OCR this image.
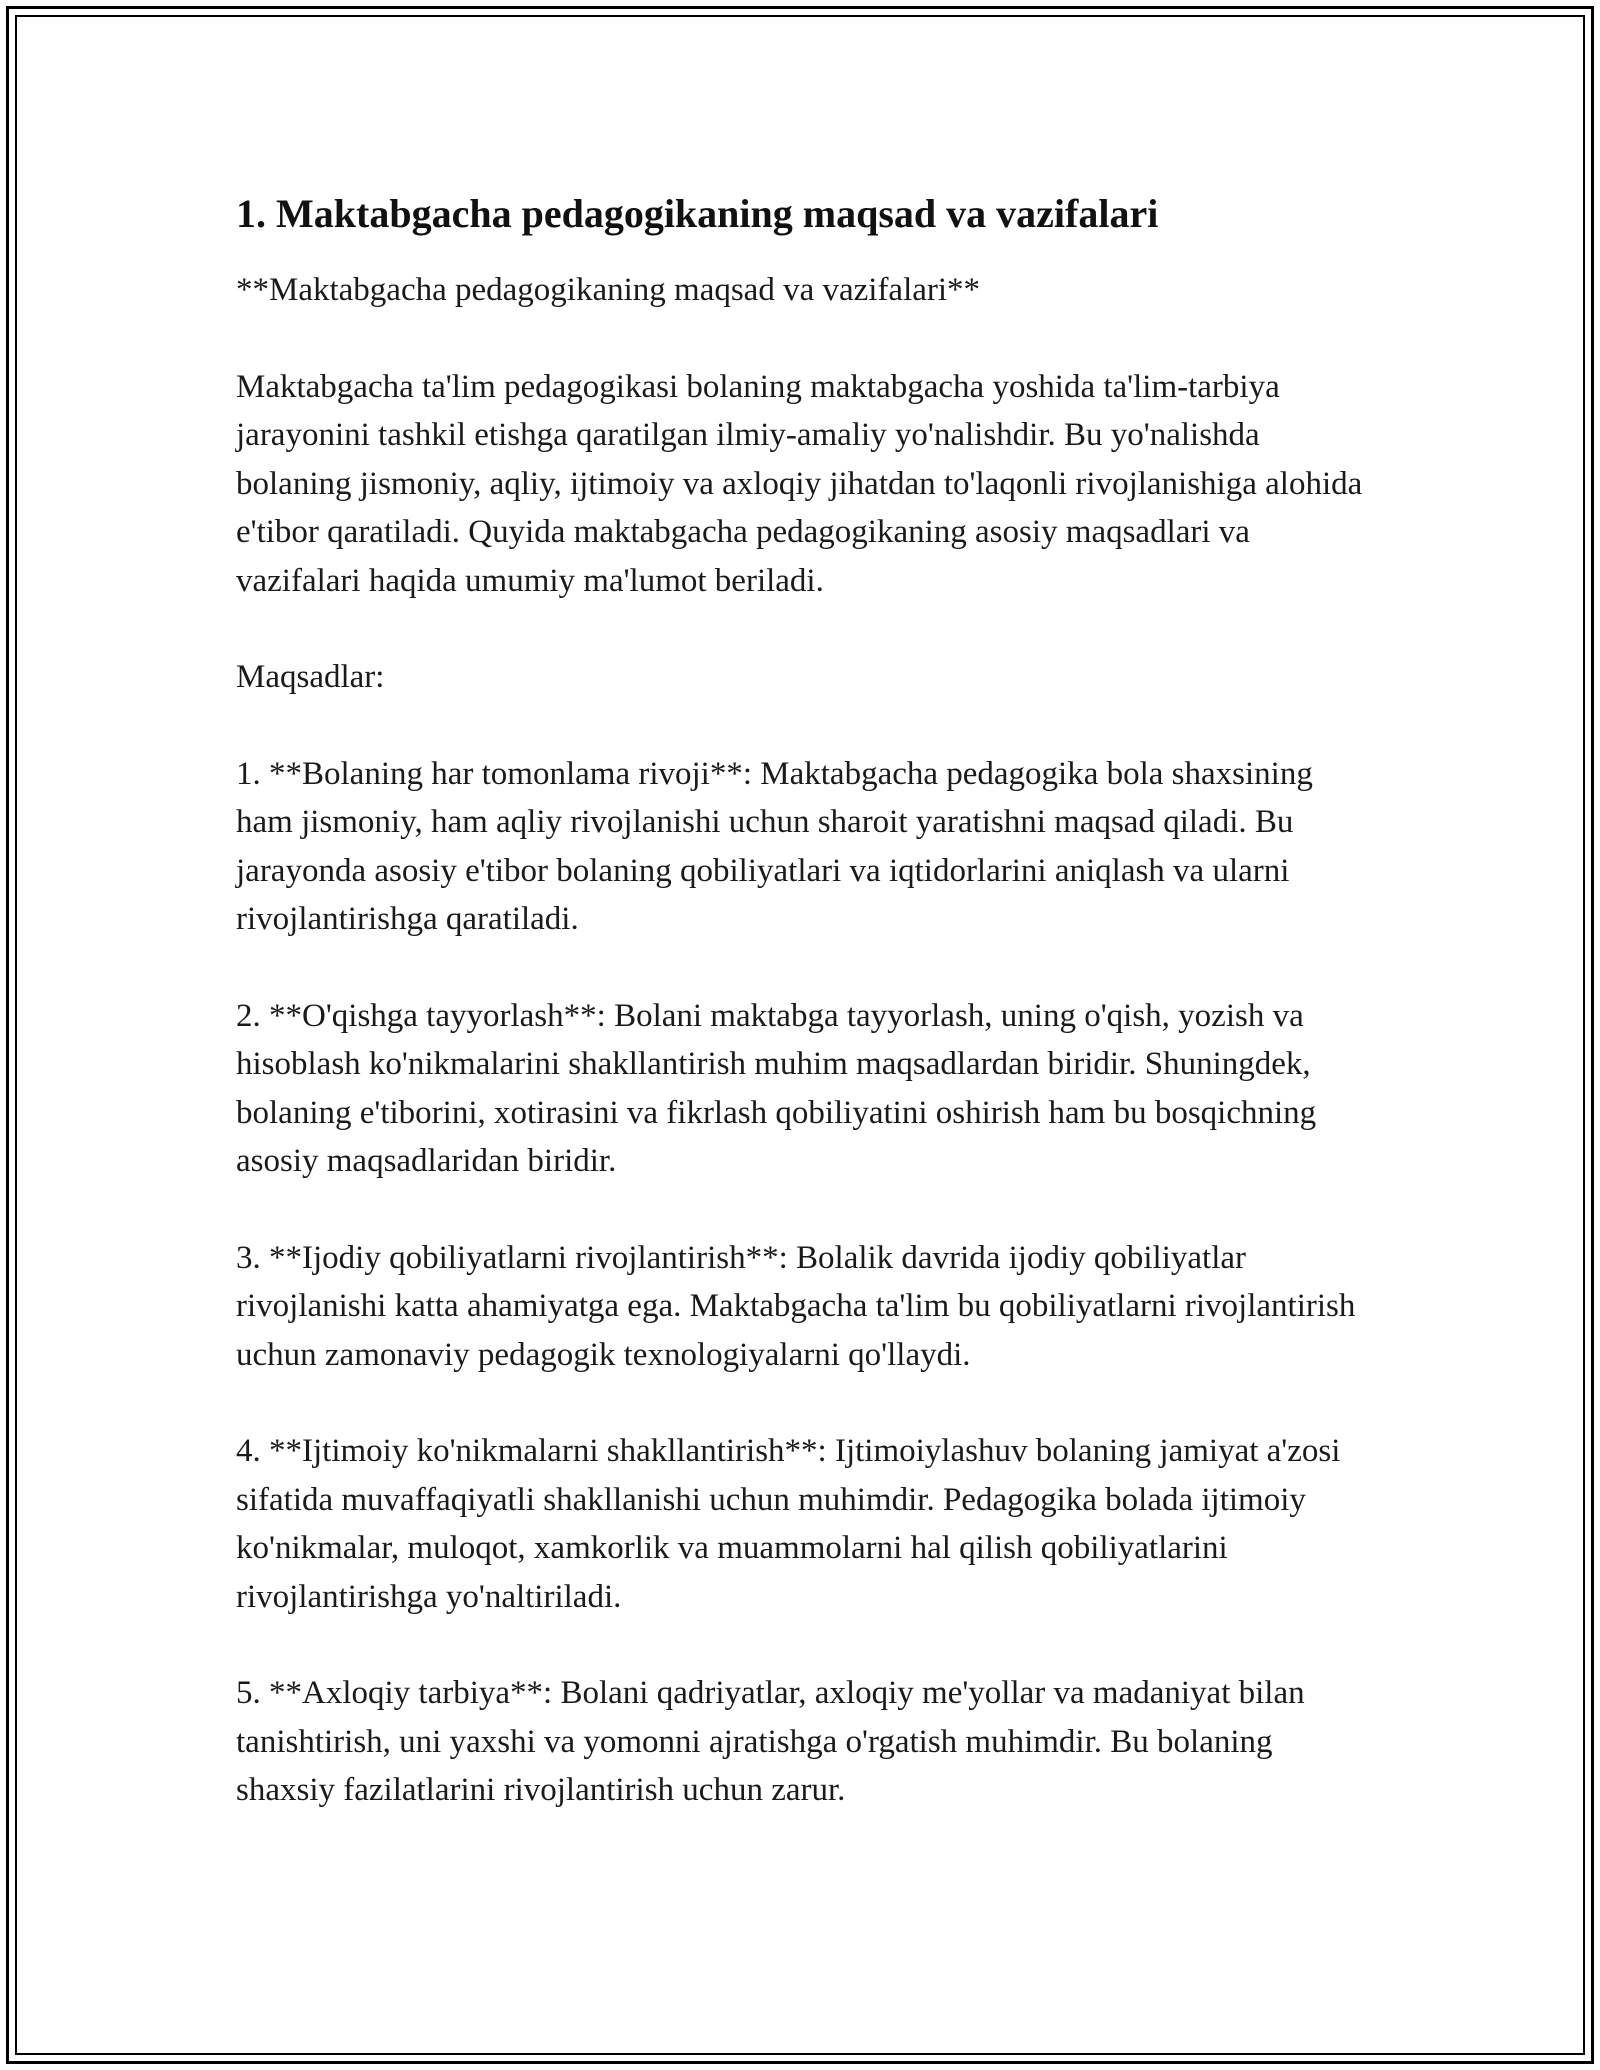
1. Maktabgacha pedagogikaning maqsad va vazifalari

**Maktabgacha pedagogikaning maqsad va vazifalari**

Maktabgacha ta'lim pedagogikasi bolaning maktabgacha yoshida ta'lim-tarbiya jarayonini tashkil etishga qaratilgan ilmiy-amaliy yo'nalishdir. Bu yo'nalishda bolaning jismoniy, aqliy, ijtimoiy va axloqiy jihatdan to'laqonli rivojlanishiga alohida e'tibor qaratiladi. Quyida maktabgacha pedagogikaning asosiy maqsadlari va vazifalari haqida umumiy ma'lumot beriladi.

Maqsadlar:

1. **Bolaning har tomonlama rivoji**: Maktabgacha pedagogika bola shaxsining ham jismoniy, ham aqliy rivojlanishi uchun sharoit yaratishni maqsad qiladi. Bu jarayonda asosiy e'tibor bolaning qobiliyatlari va iqtidorlarini aniqlash va ularni rivojlantirishga qaratiladi.

2. **O'qishga tayyorlash**: Bolani maktabga tayyorlash, uning o'qish, yozish va hisoblash ko'nikmalarini shakllantirish muhim maqsadlardan biridir. Shuningdek, bolaning e'tiborini, xotirasini va fikrlash qobiliyatini oshirish ham bu bosqichning asosiy maqsadlaridan biridir.

3. **Ijodiy qobiliyatlarni rivojlantirish**: Bolalik davrida ijodiy qobiliyatlar rivojlanishi katta ahamiyatga ega. Maktabgacha ta'lim bu qobiliyatlarni rivojlantirish uchun zamonaviy pedagogik texnologiyalarni qo'llaydi.

4. **Ijtimoiy ko'nikmalarni shakllantirish**: Ijtimoiylashuv bolaning jamiyat a'zosi sifatida muvaffaqiyatli shakllanishi uchun muhimdir. Pedagogika bolada ijtimoiy ko'nikmalar, muloqot, xamkorlik va muammolarni hal qilish qobiliyatlarini rivojlantirishga yo'naltiriladi.

5. **Axloqiy tarbiya**: Bolani qadriyatlar, axloqiy me'yollar va madaniyat bilan tanishtirish, uni yaxshi va yomonni ajratishga o'rgatish muhimdir. Bu bolaning shaxsiy fazilatlarini rivojlantirish uchun zarur.
